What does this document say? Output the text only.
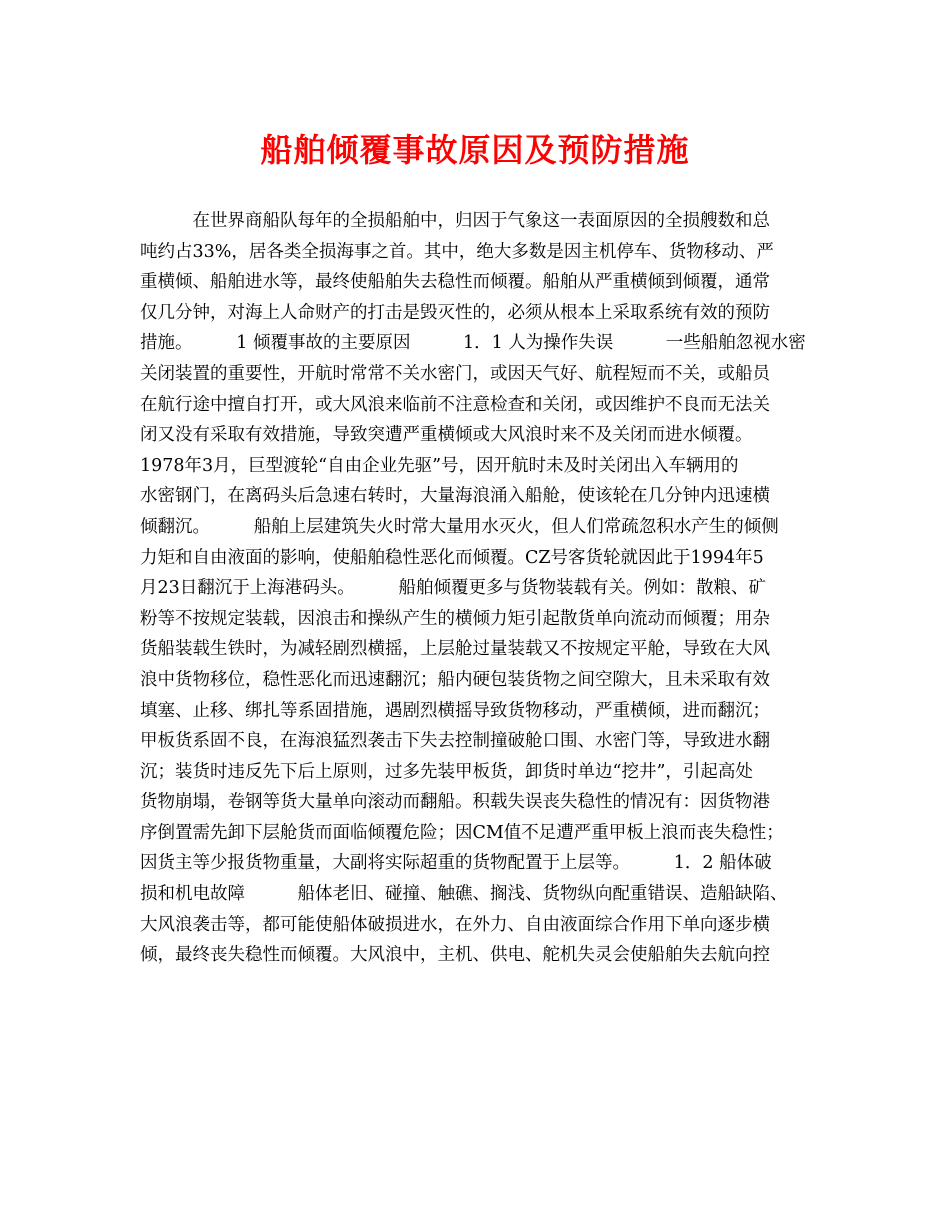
船舶倾覆事故原因及预防措施
　　　在世界商船队每年的全损船舶中，归因于气象这一表面原因的全损艘数和总
吨约占33%，居各类全损海事之首。其中，绝大多数是因主机停车、货物移动、严
重横倾、船舶进水等，最终使船舶失去稳性而倾覆。船舶从严重横倾到倾覆，通常
仅几分钟，对海上人命财产的打击是毁灭性的，必须从根本上采取系统有效的预防
措施。　　　1 倾覆事故的主要原因　　　1．1 人为操作失误　　　一些船舶忽视水密
关闭装置的重要性，开航时常常不关水密门，或因天气好、航程短而不关，或船员
在航行途中擅自打开，或大风浪来临前不注意检查和关闭，或因维护不良而无法关
闭又没有采取有效措施，导致突遭严重横倾或大风浪时来不及关闭而进水倾覆。
1978年3月，巨型渡轮“自由企业先驱”号，因开航时未及时关闭出入车辆用的
水密钢门，在离码头后急速右转时，大量海浪涌入船舱，使该轮在几分钟内迅速横
倾翻沉。　　　船舶上层建筑失火时常大量用水灭火，但人们常疏忽积水产生的倾侧
力矩和自由液面的影响，使船舶稳性恶化而倾覆。CZ号客货轮就因此于1994年5
月23日翻沉于上海港码头。　　　船舶倾覆更多与货物装载有关。例如：散粮、矿
粉等不按规定装载，因浪击和操纵产生的横倾力矩引起散货单向流动而倾覆；用杂
货船装载生铁时，为减轻剧烈横摇，上层舱过量装载又不按规定平舱，导致在大风
浪中货物移位，稳性恶化而迅速翻沉；船内硬包装货物之间空隙大，且未采取有效
填塞、止移、绑扎等系固措施，遇剧烈横摇导致货物移动，严重横倾，进而翻沉；
甲板货系固不良，在海浪猛烈袭击下失去控制撞破舱口围、水密门等，导致进水翻
沉；装货时违反先下后上原则，过多先装甲板货，卸货时单边“挖井”，引起高处
货物崩塌，卷钢等货大量单向滚动而翻船。积载失误丧失稳性的情况有：因货物港
序倒置需先卸下层舱货而面临倾覆危险；因CM值不足遭严重甲板上浪而丧失稳性；
因货主等少报货物重量，大副将实际超重的货物配置于上层等。　　　1．2 船体破
损和机电故障　　　船体老旧、碰撞、触礁、搁浅、货物纵向配重错误、造船缺陷、
大风浪袭击等，都可能使船体破损进水，在外力、自由液面综合作用下单向逐步横
倾，最终丧失稳性而倾覆。大风浪中，主机、供电、舵机失灵会使船舶失去航向控
